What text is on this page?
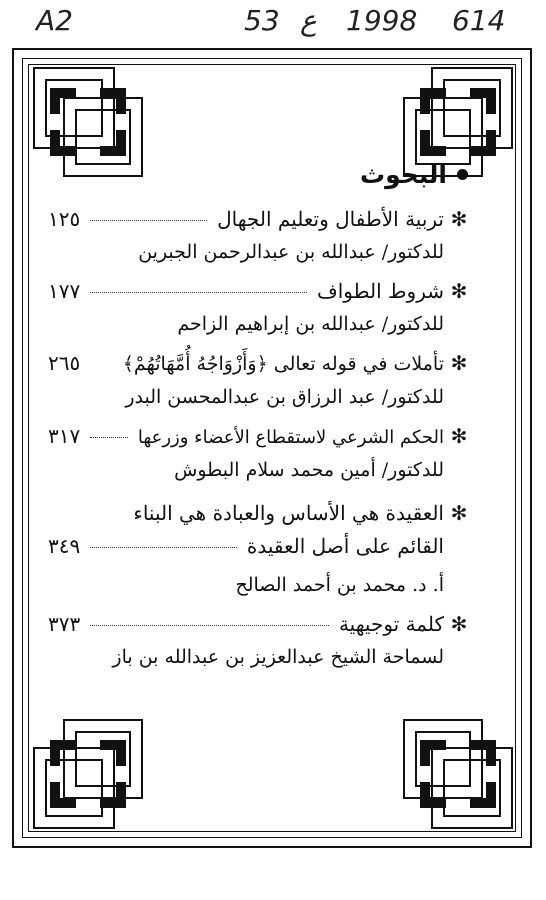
A2	53 ع 1998 614
البحوث
✻
تربية الأطفال وتعليم الجهال
١٢٥
للدكتور/ عبدالله بن عبدالرحمن الجبرين
✻
شروط الطواف
١٧٧
للدكتور/ عبدالله بن إبراهيم الزاحم
✻
تأملات في قوله تعالى ﴿وَأَزْوَاجُهُ أُمَّهَاتُهُمْ﴾
٢٦٥
للدكتور/ عبد الرزاق بن عبدالمحسن البدر
✻
الحكم الشرعي لاستقطاع الأعضاء وزرعها
٣١٧
للدكتور/ أمين محمد سلام البطوش
✻
العقيدة هي الأساس والعبادة هي البناء
القائم على أصل العقيدة
٣٤٩
أ. د. محمد بن أحمد الصالح
✻
كلمة توجيهية
٣٧٣
لسماحة الشيخ عبدالعزيز بن عبدالله بن باز
